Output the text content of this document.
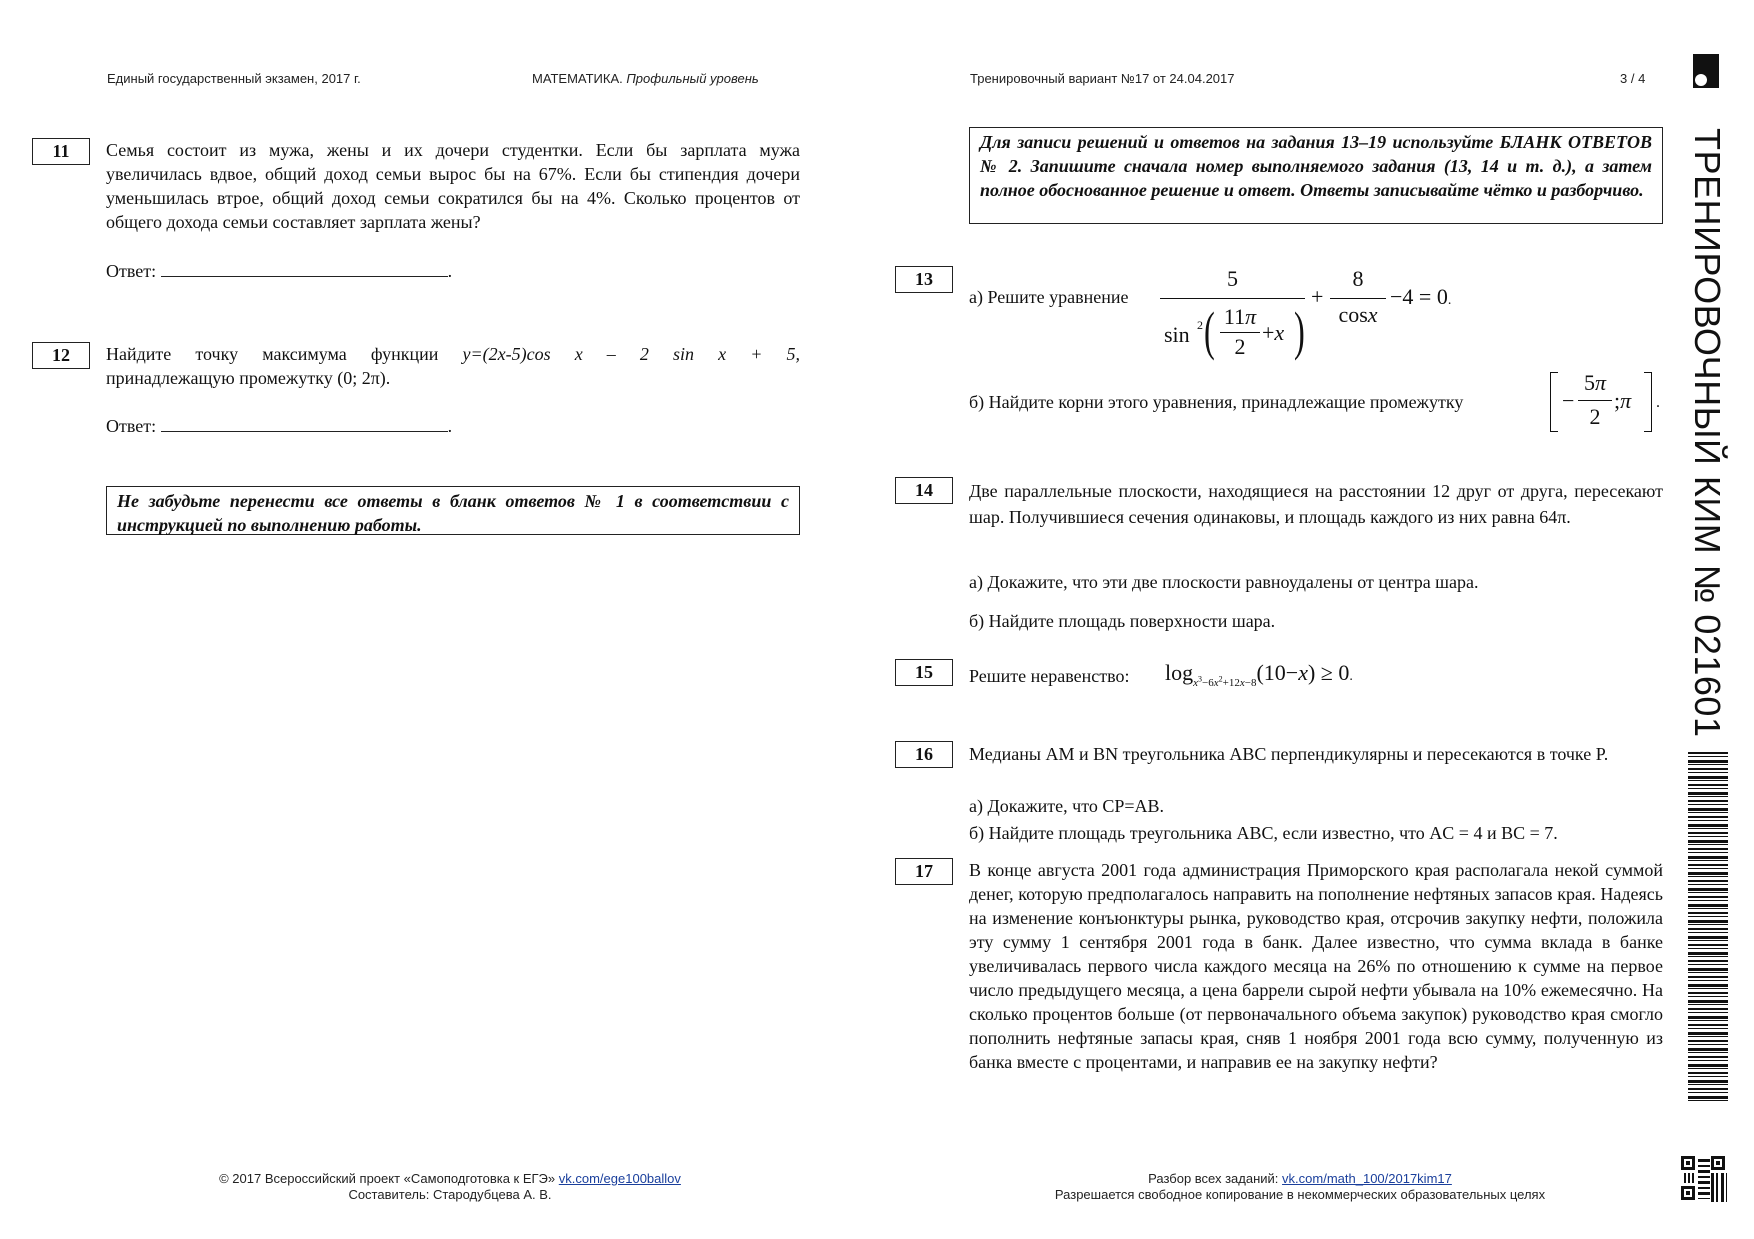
Единый государственный экзамен, 2017 г.	МАТЕМАТИКА. Профильный уровень	Тренировочный вариант №17 от 24.04.2017	3 / 4
11	Семья состоит из мужа, жены и их дочери студентки. Если бы зарплата мужа увеличилась вдвое, общий доход семьи вырос бы на 67%. Если бы стипендия дочери уменьшилась втрое, общий доход семьи сократился бы на 4%. Сколько процентов от общего дохода семьи составляет зарплата жены?
Ответ:	.
12	Найдите точку максимума функции y=(2x-5)cos x – 2 sin x + 5,
принадлежащую промежутку (0; 2π).
Ответ:	.
Не забудьте перенести все ответы в бланк ответов № 1 в соответствии с инструкцией по выполнению работы.
Для записи решений и ответов на задания 13–19 используйте БЛАНК ОТВЕТОВ № 2. Запишите сначала номер выполняемого задания (13, 14 и т. д.), а затем полное обоснованное решение и ответ. Ответы записывайте чётко и разборчиво.
13
а) Решите уравнение
5
sin 2 ( 11π
2
+x )
+
8
cosx
−4 = 0.
б) Найдите корни этого уравнения, принадлежащие промежутку	−
5π
2
;π .
14	Две параллельные плоскости, находящиеся на расстоянии 12 друг от друга, пересекают шар. Получившиеся сечения одинаковы, и площадь каждого из них равна 64π.
а) Докажите, что эти две плоскости равноудалены от центра шара.
б) Найдите площадь поверхности шара.
15	Решите неравенство: $\log_{x^3-6x^2+12x-8}(10-x) \ge 0$.
16	Медианы AM и BN треугольника ABC перпендикулярны и пересекаются в точке P.
а) Докажите, что CP=AB.
б) Найдите площадь треугольника ABC, если известно, что AC = 4 и BC = 7.
17	В конце августа 2001 года администрация Приморского края располагала некой суммой денег, которую предполагалось направить на пополнение нефтяных запасов края. Надеясь на изменение конъюнктуры рынка, руководство края, отсрочив закупку нефти, положила эту сумму 1 сентября 2001 года в банк. Далее известно, что сумма вклада в банке увеличивалась первого числа каждого месяца на 26% по отношению к сумме на первое число предыдущего месяца, а цена баррели сырой нефти убывала на 10% ежемесячно. На сколько процентов больше (от первоначального объема закупок) руководство края смогло пополнить нефтяные запасы края, сняв 1 ноября 2001 года всю сумму, полученную из банка вместе с процентами, и направив ее на закупку нефти?
ТРЕНИРОВОЧНЫЙ КИМ № 021601
© 2017 Всероссийский проект «Самоподготовка к ЕГЭ» vk.com/ege100ballov
Составитель: Стародубцева А. В.
Разбор всех заданий: vk.com/math_100/2017kim17
Разрешается свободное копирование в некоммерческих образовательных целях
